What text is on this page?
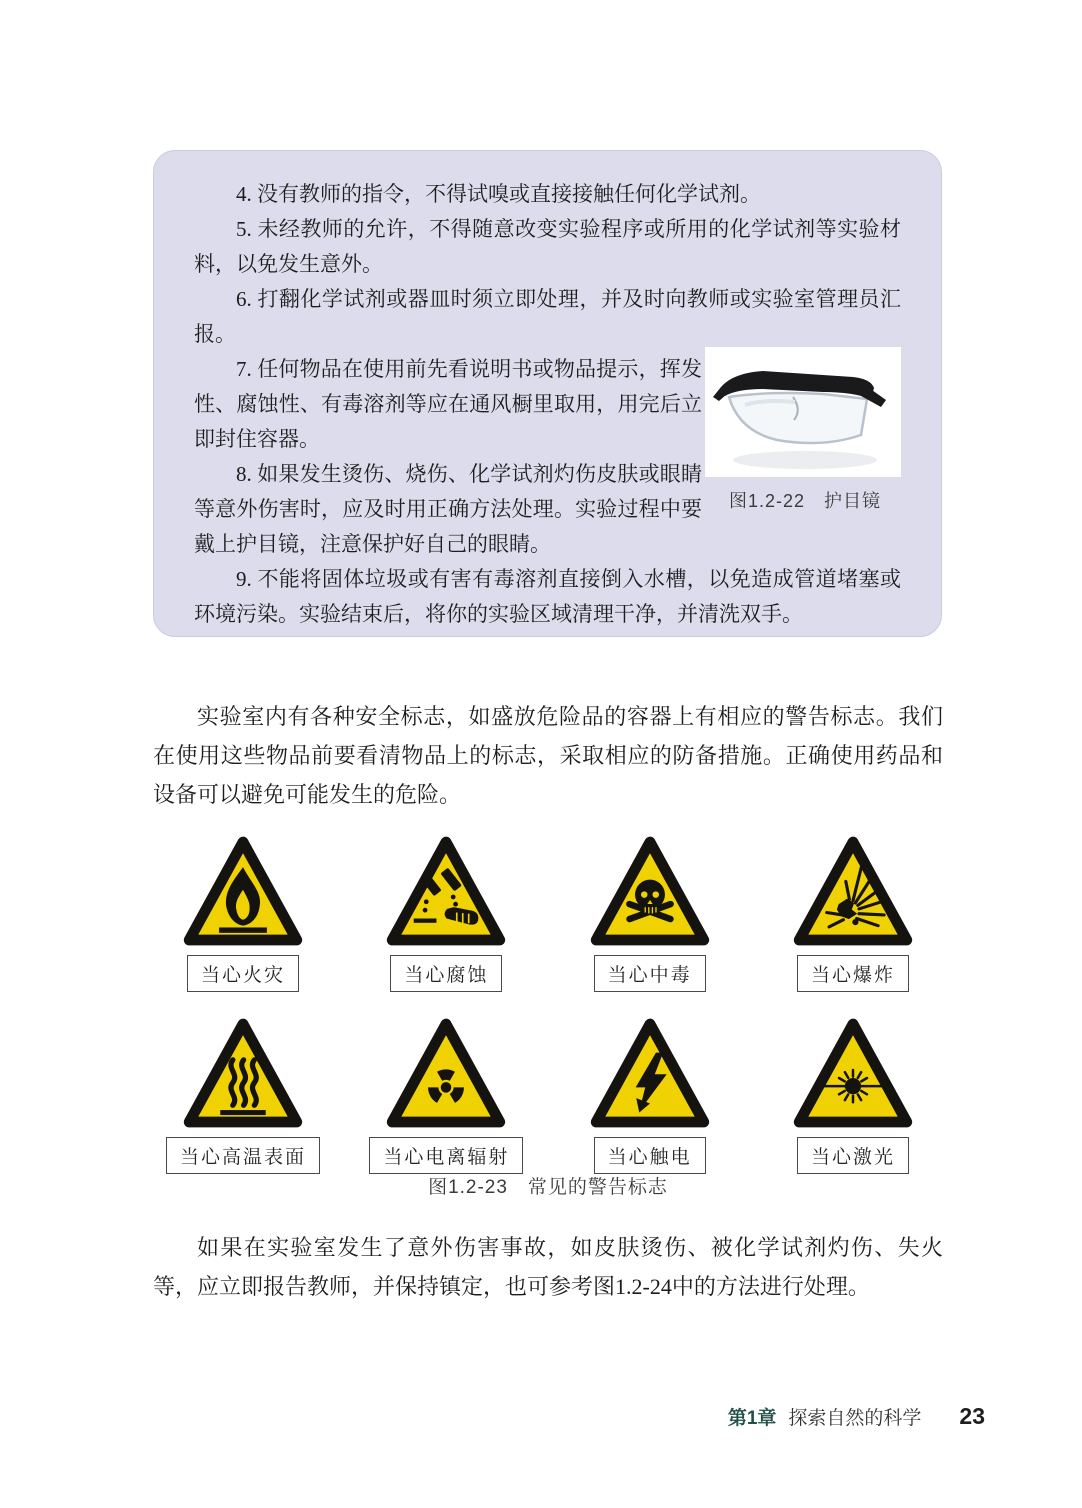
4. 没有教师的指令，不得试嗅或直接接触任何化学试剂。

5. 未经教师的允许，不得随意改变实验程序或所用的化学试剂等实验材料，以免发生意外。

6. 打翻化学试剂或器皿时须立即处理，并及时向教师或实验室管理员汇报。

7. 任何物品在使用前先看说明书或物品提示，挥发性、腐蚀性、有毒溶剂等应在通风橱里取用，用完后立即封住容器。

8. 如果发生烫伤、烧伤、化学试剂灼伤皮肤或眼睛等意外伤害时，应及时用正确方法处理。实验过程中要戴上护目镜，注意保护好自己的眼睛。

9. 不能将固体垃圾或有害有毒溶剂直接倒入水槽，以免造成管道堵塞或环境污染。实验结束后，将你的实验区域清理干净，并清洗双手。

图1.2-22　护目镜

实验室内有各种安全标志，如盛放危险品的容器上有相应的警告标志。我们在使用这些物品前要看清物品上的标志，采取相应的防备措施。正确使用药品和设备可以避免可能发生的危险。

当心火灾	当心腐蚀	当心中毒	当心爆炸
当心高温表面	当心电离辐射	当心触电	当心激光
图1.2-23　常见的警告标志

如果在实验室发生了意外伤害事故，如皮肤烫伤、被化学试剂灼伤、失火等，应立即报告教师，并保持镇定，也可参考图1.2-24中的方法进行处理。

第1章 探索自然的科学 23
